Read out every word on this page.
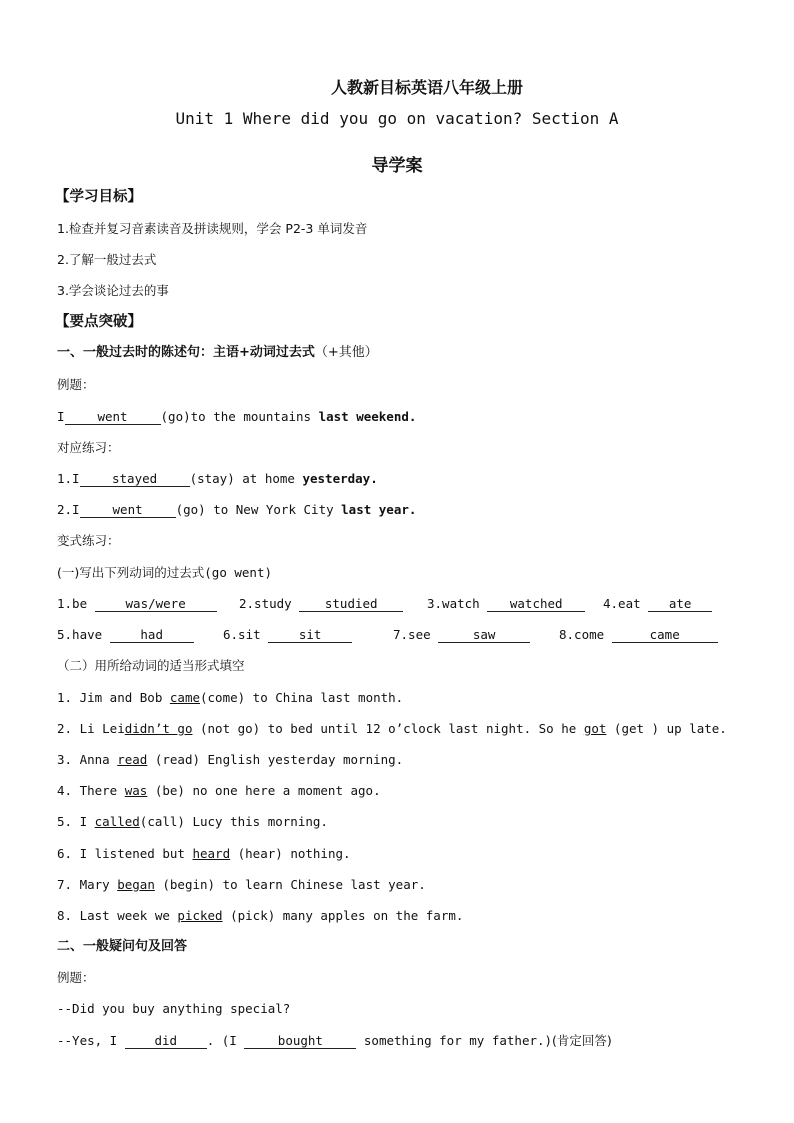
人教新目标英语八年级上册
Unit 1 Where did you go on vacation? Section A
导学案
【学习目标】
1.检查并复习音素读音及拼读规则，学会 P2-3 单词发音
2.了解一般过去式
3.学会谈论过去的事
【要点突破】
一、一般过去时的陈述句：主语+动词过去式（+其他）
例题：
I	went	(go)to the mountains last weekend.
对应练习：
1.I	stayed	(stay) at home yesterday.
2.I	went	(go) to New York City last year.
变式练习：
(一)写出下列动词的过去式(go went)
1.be	was/were	2.study	studied	3.watch watched	4.eat ate
5.have	had	6.sit	sit	7.see	saw	8.come	came
（二）用所给动词的适当形式填空
1. Jim and Bob came(come) to China last month.
2. Li Leididn’t go (not go) to bed until 12 o’clock last night. So he got (get ) up late.
3. Anna read (read) English yesterday morning.
4. There was (be) no one here a moment ago.
5. I called(call) Lucy this morning.
6. I listened but heard (hear) nothing.
7. Mary began (begin) to learn Chinese last year.
8. Last week we picked (pick) many apples on the farm.
二、一般疑问句及回答
例题：
--Did you buy anything special?
--Yes, I did . (I	bought	something for my father.)(肯定回答)
